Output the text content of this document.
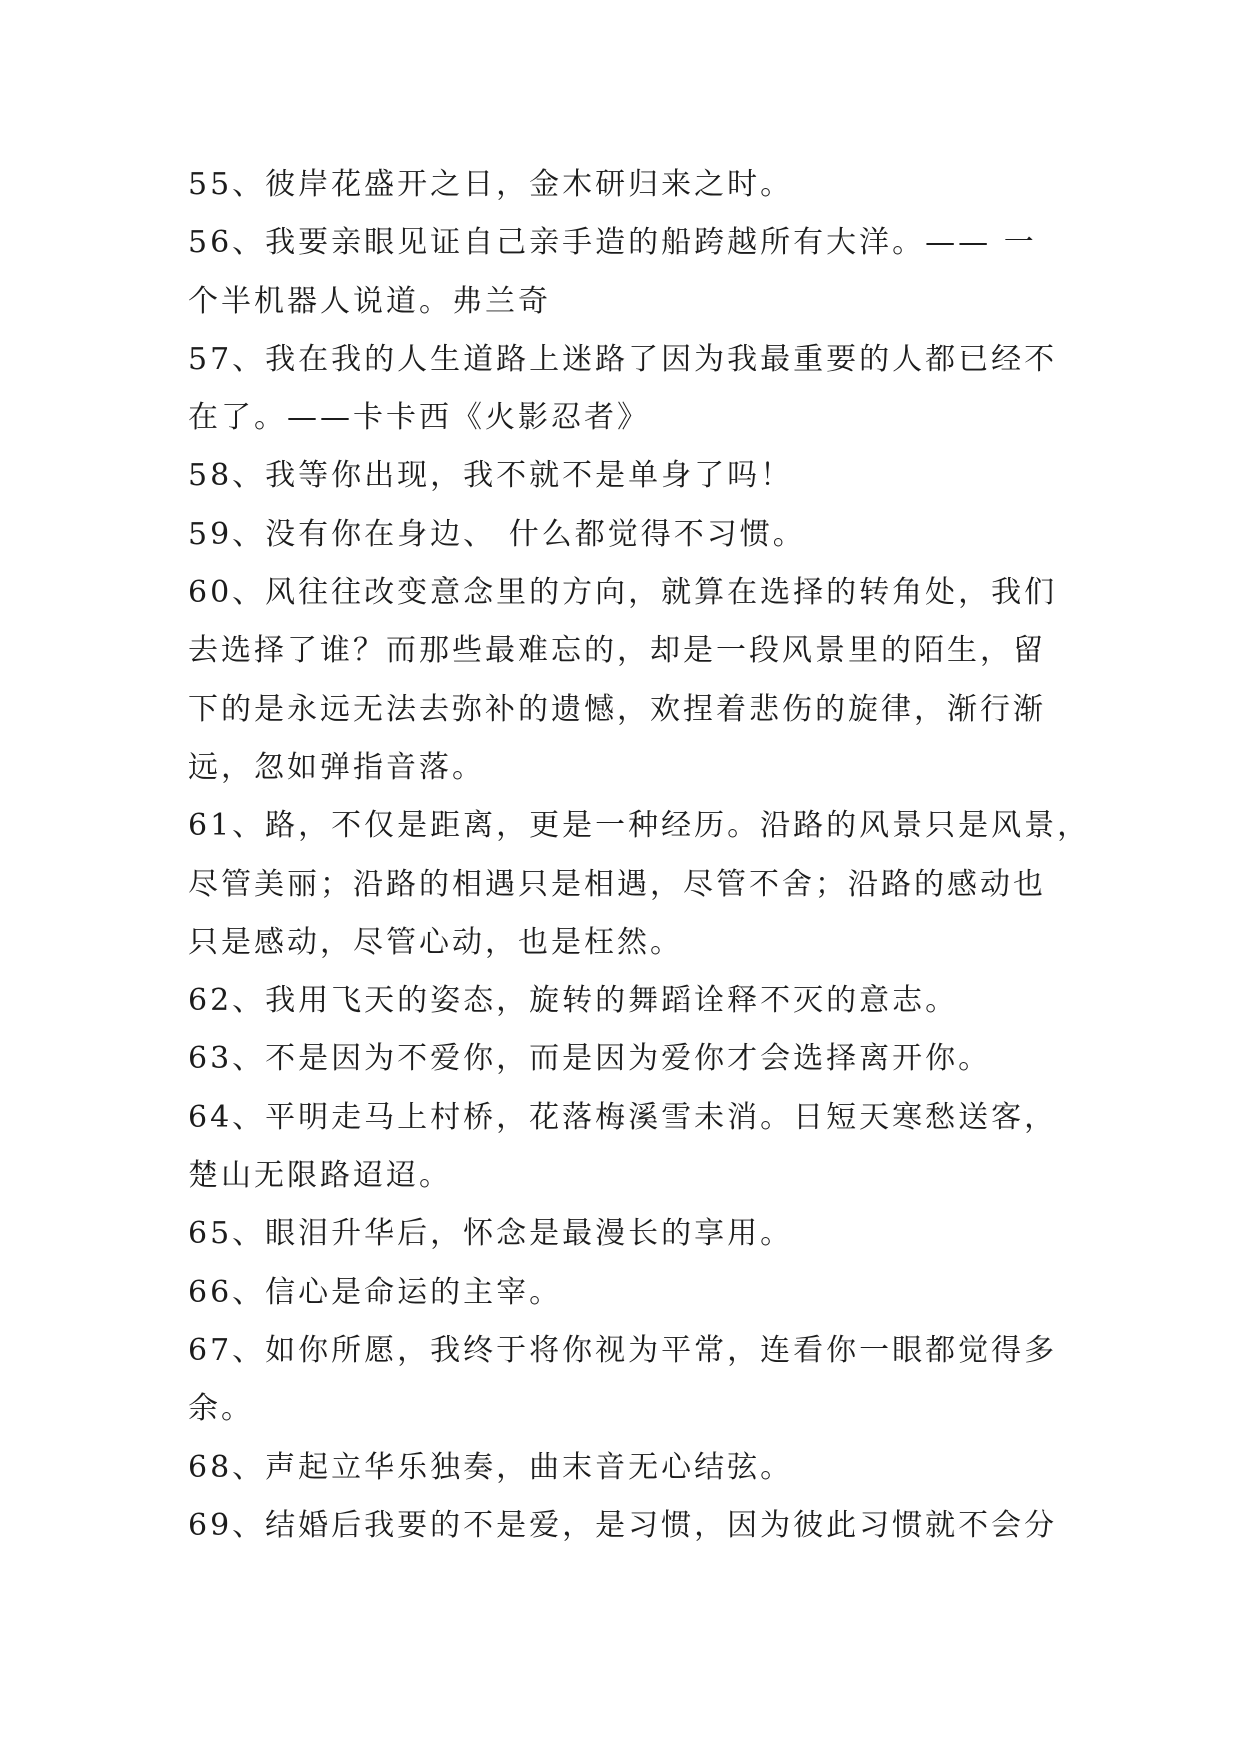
55、彼岸花盛开之日，金木研归来之时。
56、我要亲眼见证自己亲手造的船跨越所有大洋。—— 一
个半机器人说道。弗兰奇
57、我在我的人生道路上迷路了因为我最重要的人都已经不
在了。——卡卡西《火影忍者》
58、我等你出现，我不就不是单身了吗！
59、没有你在身边、 什么都觉得不习惯。
60、风往往改变意念里的方向，就算在选择的转角处，我们
去选择了谁？而那些最难忘的，却是一段风景里的陌生，留
下的是永远无法去弥补的遗憾，欢捏着悲伤的旋律，渐行渐
远，忽如弹指音落。
61、路，不仅是距离，更是一种经历。沿路的风景只是风景，
尽管美丽；沿路的相遇只是相遇，尽管不舍；沿路的感动也
只是感动，尽管心动，也是枉然。
62、我用飞天的姿态，旋转的舞蹈诠释不灭的意志。
63、不是因为不爱你，而是因为爱你才会选择离开你。
64、平明走马上村桥，花落梅溪雪未消。日短天寒愁送客，
楚山无限路迢迢。
65、眼泪升华后，怀念是最漫长的享用。
66、信心是命运的主宰。
67、如你所愿，我终于将你视为平常，连看你一眼都觉得多
余。
68、声起立华乐独奏，曲末音无心结弦。
69、结婚后我要的不是爱，是习惯，因为彼此习惯就不会分
